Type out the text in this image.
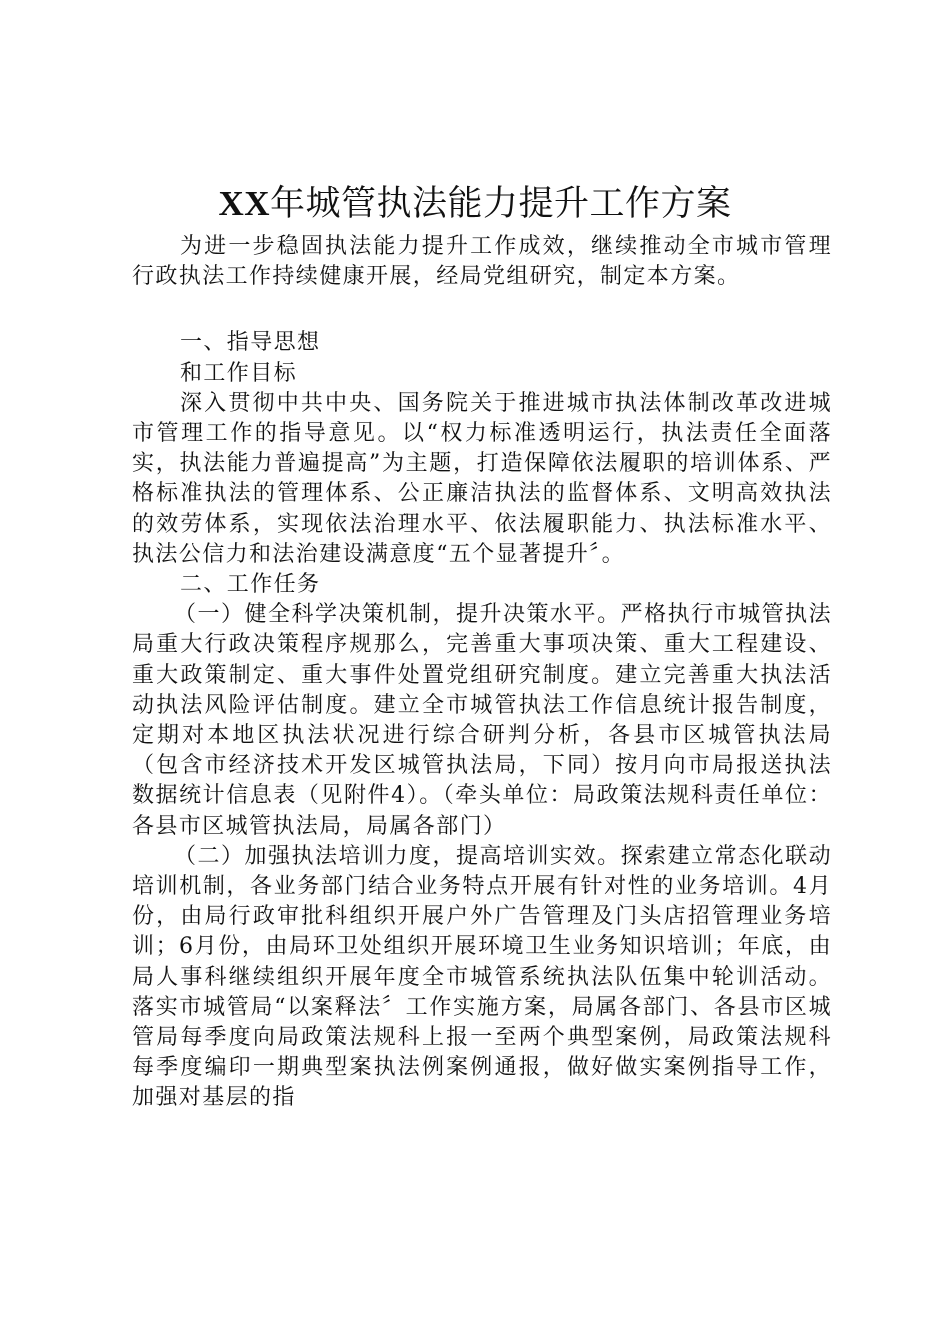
XX年城管执法能力提升工作方案

为进一步稳固执法能力提升工作成效，继续推动全市城市管理行政执法工作持续健康开展，经局党组研究，制定本方案。

一、指导思想

和工作目标

深入贯彻中共中央、国务院关于推进城市执法体制改革改进城市管理工作的指导意见。以“权力标准透明运行，执法责任全面落实，执法能力普遍提高”为主题，打造保障依法履职的培训体系、严格标准执法的管理体系、公正廉洁执法的监督体系、文明高效执法的效劳体系，实现依法治理水平、依法履职能力、执法标准水平、执法公信力和法治建设满意度“五个显著提升〞。

二、工作任务

（一）健全科学决策机制，提升决策水平。严格执行市城管执法局重大行政决策程序规那么，完善重大事项决策、重大工程建设、重大政策制定、重大事件处置党组研究制度。建立完善重大执法活动执法风险评估制度。建立全市城管执法工作信息统计报告制度，定期对本地区执法状况进行综合研判分析，各县市区城管执法局（包含市经济技术开发区城管执法局，下同）按月向市局报送执法数据统计信息表（见附件4）。（牵头单位：局政策法规科责任单位：各县市区城管执法局，局属各部门）

（二）加强执法培训力度，提高培训实效。探索建立常态化联动培训机制，各业务部门结合业务特点开展有针对性的业务培训。4月份，由局行政审批科组织开展户外广告管理及门头店招管理业务培训；6月份，由局环卫处组织开展环境卫生业务知识培训；年底，由局人事科继续组织开展年度全市城管系统执法队伍集中轮训活动。落实市城管局“以案释法〞工作实施方案，局属各部门、各县市区城管局每季度向局政策法规科上报一至两个典型案例，局政策法规科每季度编印一期典型案执法例案例通报，做好做实案例指导工作，加强对基层的指
